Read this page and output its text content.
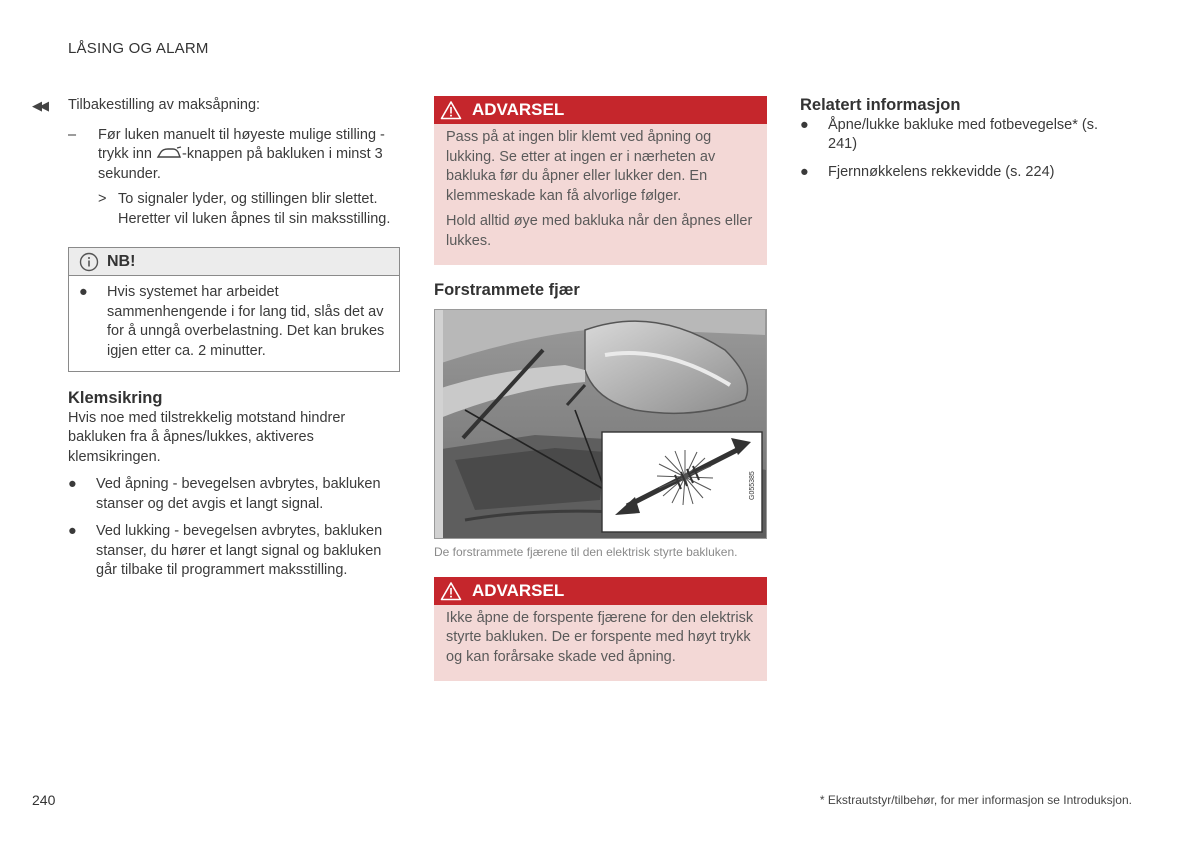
LÅSING OG ALARM
◀◀ Tilbakestilling av maksåpning:

– Før luken manuelt til høyeste mulige stilling - trykk inn -knappen på bakluken i minst 3 sekunder.
> To signaler lyder, og stillingen blir slettet. Heretter vil luken åpnes til sin maksstilling.
NB!
● Hvis systemet har arbeidet sammenhengende i for lang tid, slås det av for å unngå overbelastning. Det kan brukes igjen etter ca. 2 minutter.
Klemsikring

Hvis noe med tilstrekkelig motstand hindrer bakluken fra å åpnes/lukkes, aktiveres klemsikringen.

● Ved åpning - bevegelsen avbrytes, bakluken stanser og det avgis et langt signal.
● Ved lukking - bevegelsen avbrytes, bakluken stanser, du hører et langt signal og bakluken går tilbake til programmert maksstilling.
ADVARSEL

Pass på at ingen blir klemt ved åpning og lukking. Se etter at ingen er i nærheten av bakluka før du åpner eller lukker den. En klemmeskade kan få alvorlige følger.

Hold alltid øye med bakluka når den åpnes eller lukkes.

Forstrammete fjær
G055385
De forstrammete fjærene til den elektrisk styrte bakluken.
ADVARSEL

Ikke åpne de forspente fjærene for den elektrisk styrte bakluken. De er forspente med høyt trykk og kan forårsake skade ved åpning.

Relatert informasjon
● Åpne/lukke bakluke med fotbevegelse* (s. 241)
● Fjernnøkkelens rekkevidde (s. 224)
240	* Ekstrautstyr/tilbehør, for mer informasjon se Introduksjon.
